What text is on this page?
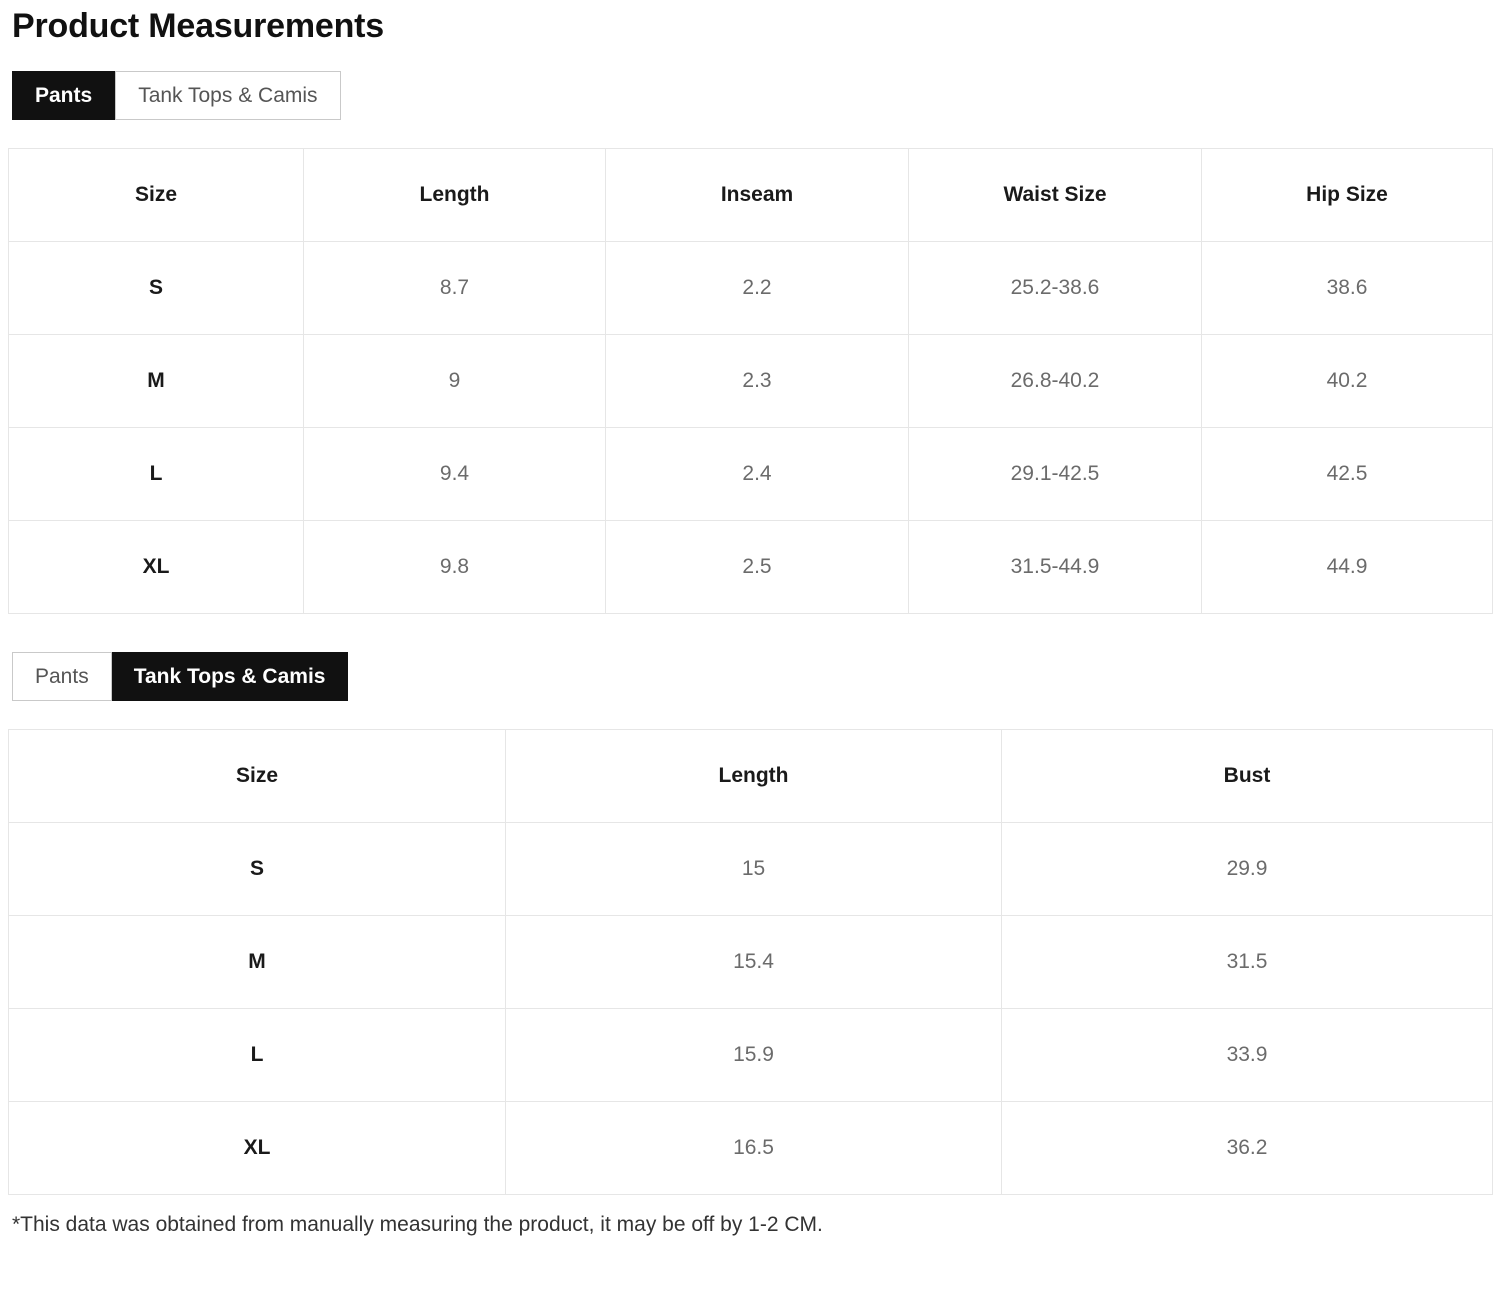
Product Measurements
Pants	Tank Tops & Camis
Size	Length	Inseam	Waist Size	Hip Size
S	8.7	2.2	25.2-38.6	38.6
M	9	2.3	26.8-40.2	40.2
L	9.4	2.4	29.1-42.5	42.5
XL	9.8	2.5	31.5-44.9	44.9
Pants	Tank Tops & Camis
Size	Length	Bust
S	15	29.9
M	15.4	31.5
L	15.9	33.9
XL	16.5	36.2
*This data was obtained from manually measuring the product, it may be off by 1-2 CM.
